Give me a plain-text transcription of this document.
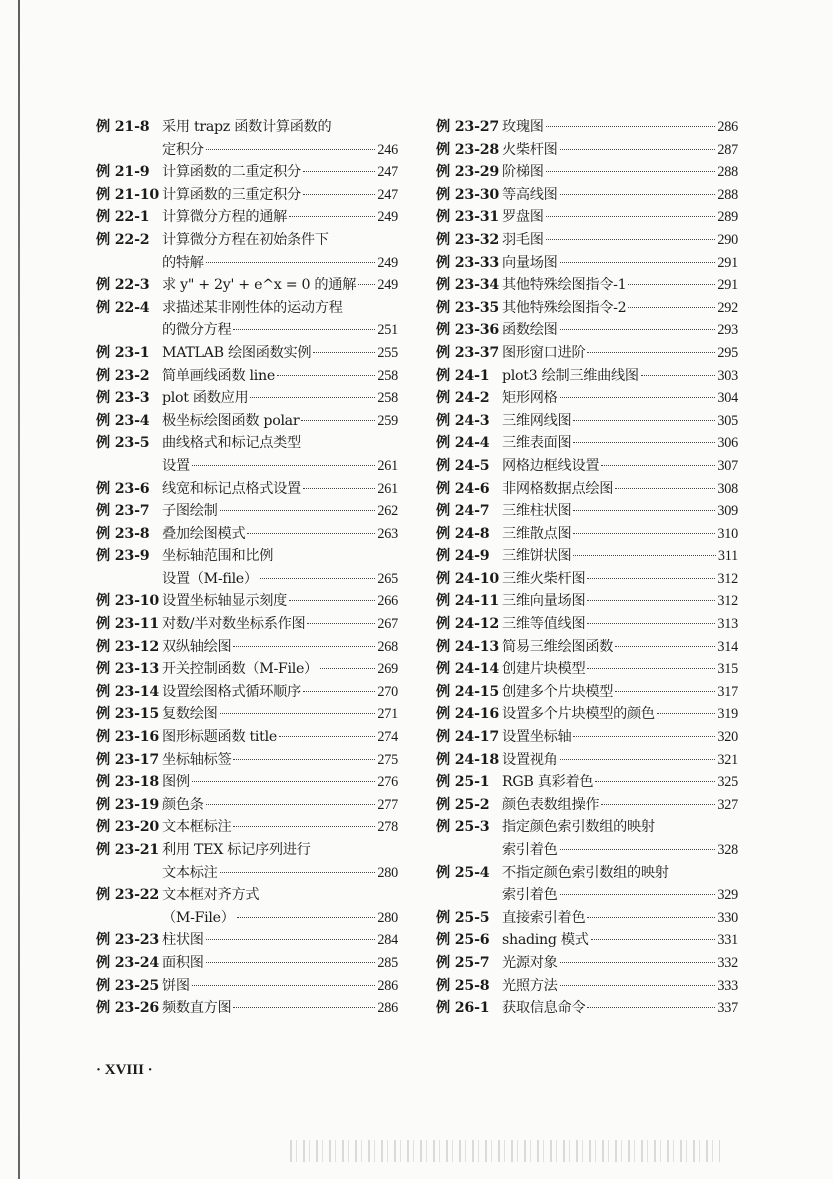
例 21-8 采用 trapz 函数计算函数的
定积分	246
例 21-9 计算函数的二重定积分	247
例 21-10 计算函数的三重定积分	247
例 22-1 计算微分方程的通解	249
例 22-2 计算微分方程在初始条件下
的特解	249
例 22-3 求 y" + 2y' + e^x = 0 的通解 249
例 22-4 求描述某非刚性体的运动方程
的微分方程	251
例 23-1 MATLAB 绘图函数实例	255
例 23-2 简单画线函数 line	258
例 23-3 plot 函数应用	258
例 23-4 极坐标绘图函数 polar	259
例 23-5 曲线格式和标记点类型
设置	261
例 23-6 线宽和标记点格式设置	261
例 23-7 子图绘制	262
例 23-8 叠加绘图模式	263
例 23-9 坐标轴范围和比例
设置（M-file）	265
例 23-10 设置坐标轴显示刻度	266
例 23-11 对数/半对数坐标系作图	267
例 23-12 双纵轴绘图	268
例 23-13 开关控制函数（M-File）	269
例 23-14 设置绘图格式循环顺序	270
例 23-15 复数绘图	271
例 23-16 图形标题函数 title	274
例 23-17 坐标轴标签	275
例 23-18 图例	276
例 23-19 颜色条	277
例 23-20 文本框标注	278
例 23-21 利用 TEX 标记序列进行
文本标注	280
例 23-22 文本框对齐方式
（M-File）	280
例 23-23 柱状图	284
例 23-24 面积图	285
例 23-25 饼图	286
例 23-26 频数直方图	286
例 23-27 玫瑰图	286
例 23-28 火柴杆图	287
例 23-29 阶梯图	288
例 23-30 等高线图	288
例 23-31 罗盘图	289
例 23-32 羽毛图	290
例 23-33 向量场图	291
例 23-34 其他特殊绘图指令-1	291
例 23-35 其他特殊绘图指令-2	292
例 23-36 函数绘图	293
例 23-37 图形窗口进阶	295
例 24-1 plot3 绘制三维曲线图	303
例 24-2 矩形网格	304
例 24-3 三维网线图	305
例 24-4 三维表面图	306
例 24-5 网格边框线设置	307
例 24-6 非网格数据点绘图	308
例 24-7 三维柱状图	309
例 24-8 三维散点图	310
例 24-9 三维饼状图	311
例 24-10 三维火柴杆图	312
例 24-11 三维向量场图	312
例 24-12 三维等值线图	313
例 24-13 简易三维绘图函数	314
例 24-14 创建片块模型	315
例 24-15 创建多个片块模型	317
例 24-16 设置多个片块模型的颜色	319
例 24-17 设置坐标轴	320
例 24-18 设置视角	321
例 25-1 RGB 真彩着色	325
例 25-2 颜色表数组操作	327
例 25-3 指定颜色索引数组的映射
索引着色	328
例 25-4 不指定颜色索引数组的映射
索引着色	329
例 25-5 直接索引着色	330
例 25-6 shading 模式	331
例 25-7 光源对象	332
例 25-8 光照方法	333
例 26-1 获取信息命令	337
· XVIII ·
